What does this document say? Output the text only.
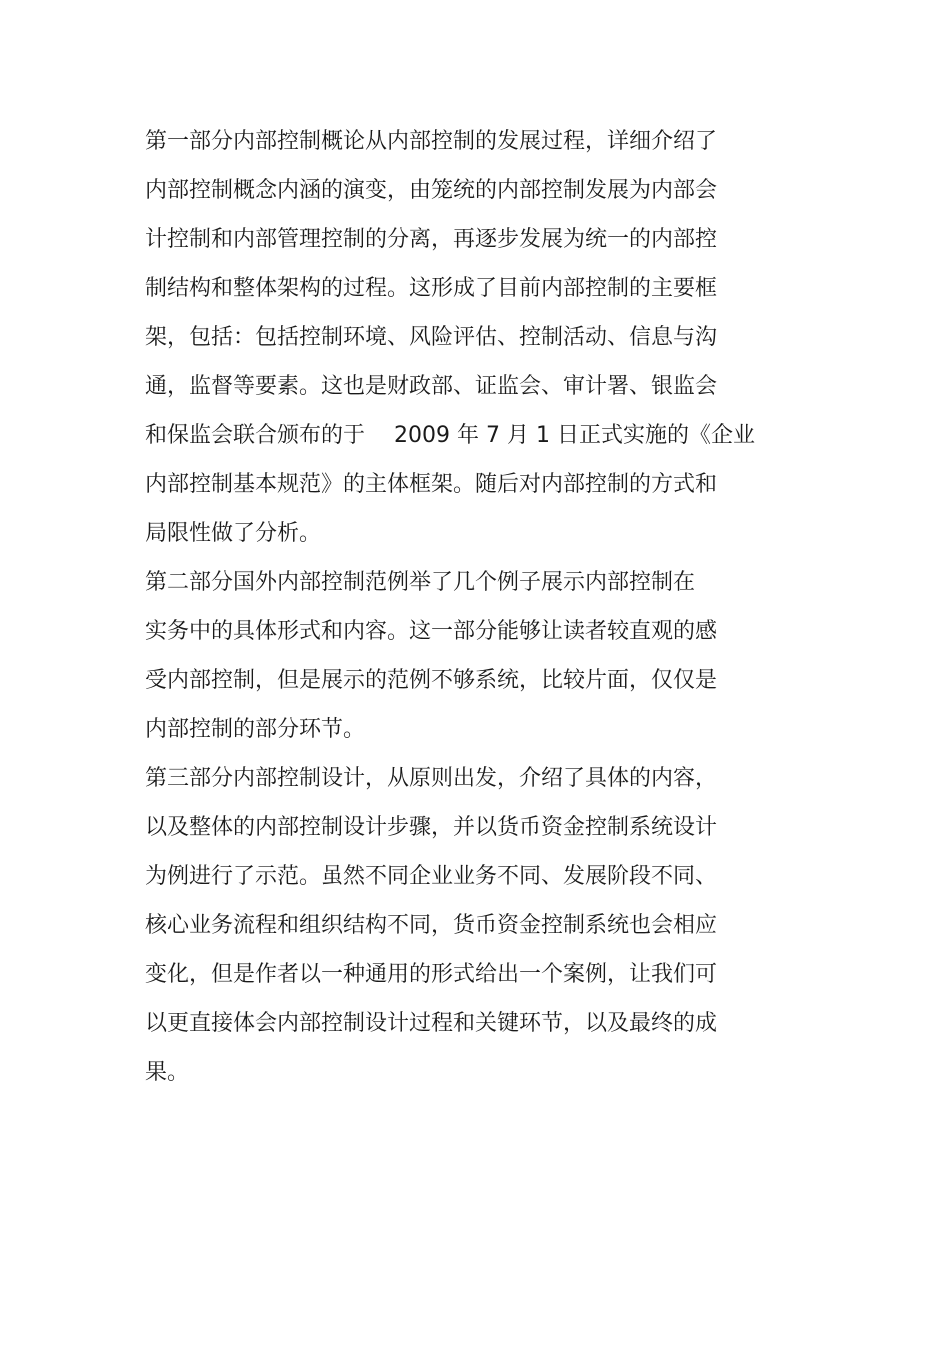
第一部分内部控制概论从内部控制的发展过程，详细介绍了
内部控制概念内涵的演变，由笼统的内部控制发展为内部会
计控制和内部管理控制的分离，再逐步发展为统一的内部控
制结构和整体架构的过程。这形成了目前内部控制的主要框
架，包括：包括控制环境、风险评估、控制活动、信息与沟
通，监督等要素。这也是财政部、证监会、审计署、银监会
和保监会联合颁布的于　 2009 年 7 月 1 日正式实施的《企业
内部控制基本规范》的主体框架。随后对内部控制的方式和
局限性做了分析。
第二部分国外内部控制范例举了几个例子展示内部控制在
实务中的具体形式和内容。这一部分能够让读者较直观的感
受内部控制，但是展示的范例不够系统，比较片面，仅仅是
内部控制的部分环节。
第三部分内部控制设计，从原则出发，介绍了具体的内容，
以及整体的内部控制设计步骤，并以货币资金控制系统设计
为例进行了示范。虽然不同企业业务不同、发展阶段不同、
核心业务流程和组织结构不同，货币资金控制系统也会相应
变化，但是作者以一种通用的形式给出一个案例，让我们可
以更直接体会内部控制设计过程和关键环节，以及最终的成
果。
